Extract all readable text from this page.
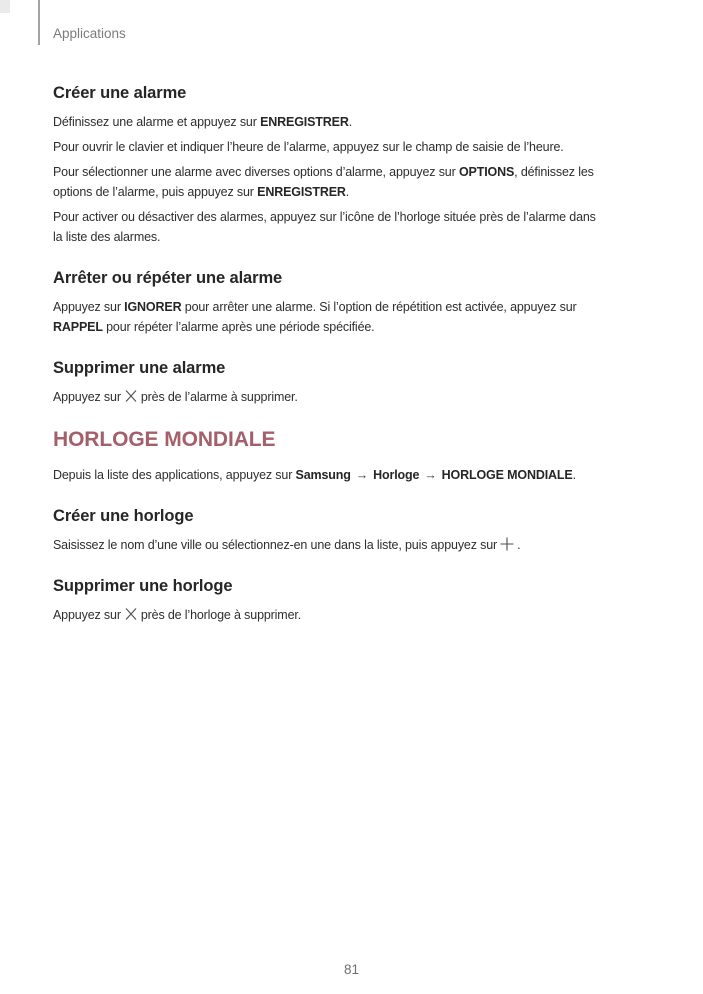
Applications
Créer une alarme

Définissez une alarme et appuyez sur ENREGISTRER.

Pour ouvrir le clavier et indiquer l’heure de l’alarme, appuyez sur le champ de saisie de l’heure.

Pour sélectionner une alarme avec diverses options d’alarme, appuyez sur OPTIONS, définissez les
options de l’alarme, puis appuyez sur ENREGISTRER.

Pour activer ou désactiver des alarmes, appuyez sur l’icône de l’horloge située près de l’alarme dans
la liste des alarmes.

Arrêter ou répéter une alarme

Appuyez sur IGNORER pour arrêter une alarme. Si l’option de répétition est activée, appuyez sur
RAPPEL pour répéter l’alarme après une période spécifiée.

Supprimer une alarme

Appuyez sur près de l’alarme à supprimer.

HORLOGE MONDIALE

Depuis la liste des applications, appuyez sur Samsung → Horloge → HORLOGE MONDIALE.

Créer une horloge

Saisissez le nom d’une ville ou sélectionnez-en une dans la liste, puis appuyez sur .

Supprimer une horloge

Appuyez sur près de l’horloge à supprimer.

81
